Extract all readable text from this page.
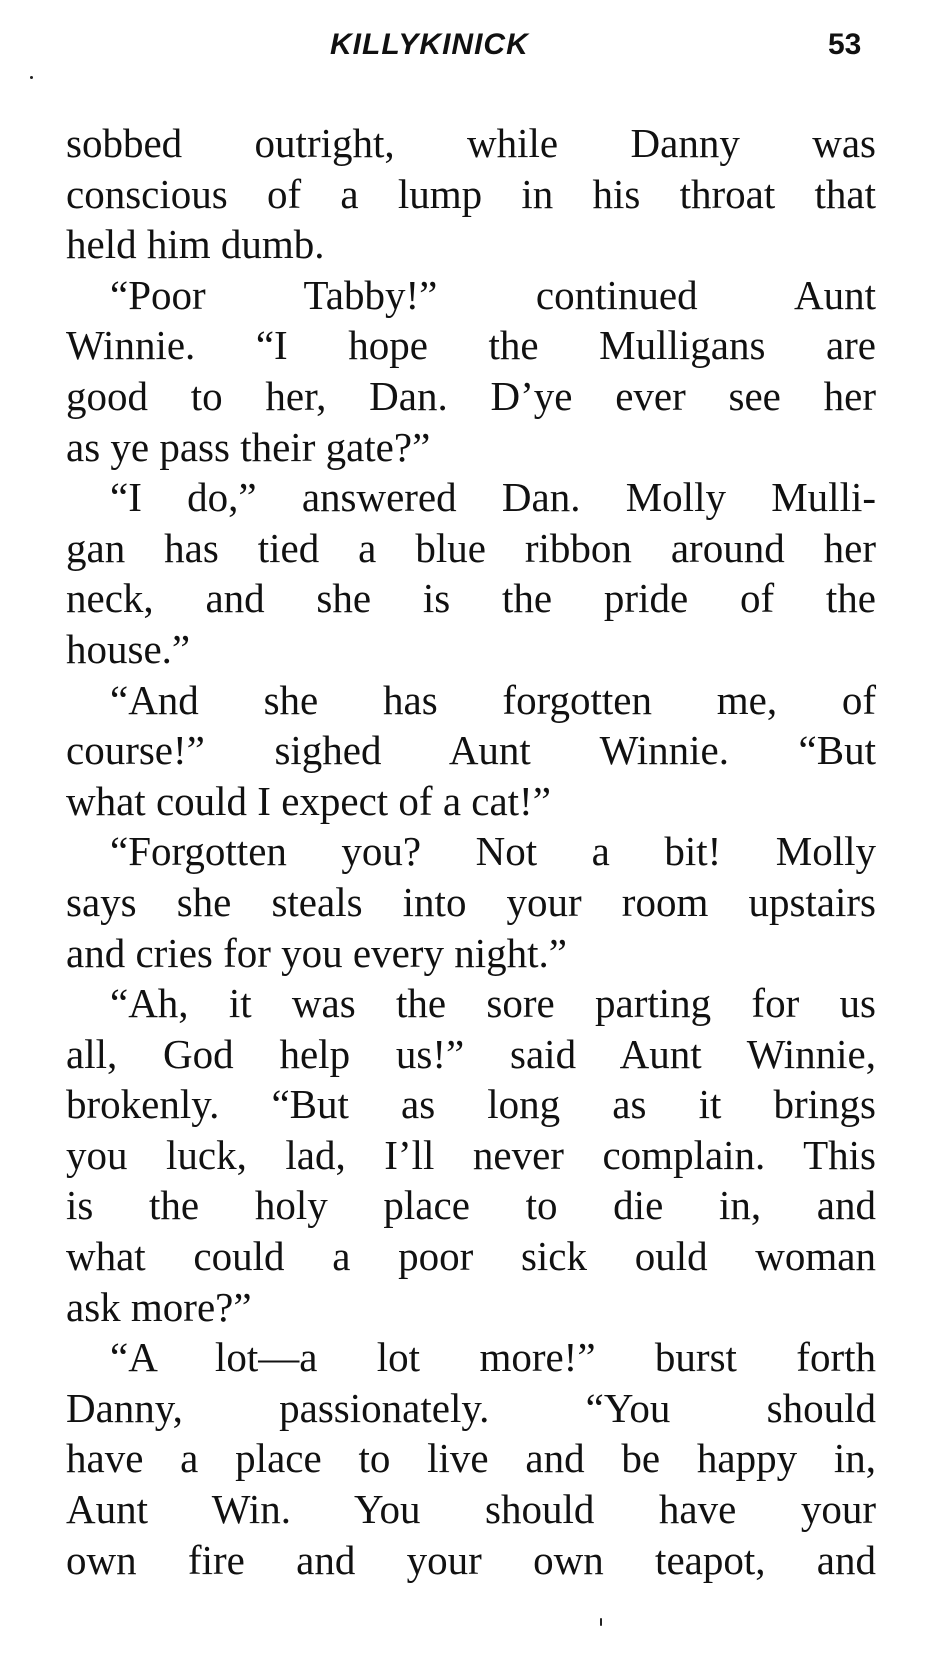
KILLYKINICK	53
sobbed outright, while Danny was
conscious of a lump in his throat that
held him dumb.
“Poor Tabby!” continued Aunt
Winnie. “I hope the Mulligans are
good to her, Dan. D’ye ever see her
as ye pass their gate?”
“I do,” answered Dan. Molly Mulli-
gan has tied a blue ribbon around her
neck, and she is the pride of the
house.”
“And she has forgotten me, of
course!” sighed Aunt Winnie. “But
what could I expect of a cat!”
“Forgotten you? Not a bit! Molly
says she steals into your room upstairs
and cries for you every night.”
“Ah, it was the sore parting for us
all, God help us!” said Aunt Winnie,
brokenly. “But as long as it brings
you luck, lad, I’ll never complain. This
is the holy place to die in, and
what could a poor sick ould woman
ask more?”
“A lot—a lot more!” burst forth
Danny, passionately. “You should
have a place to live and be happy in,
Aunt Win. You should have your
own fire and your own teapot, and
